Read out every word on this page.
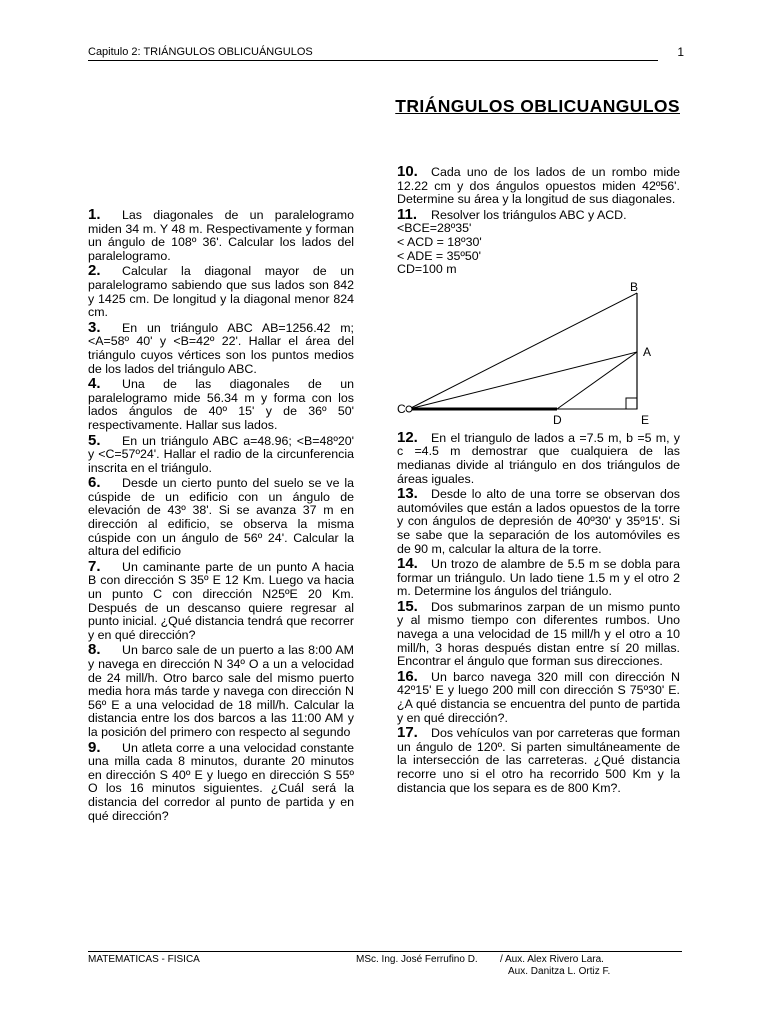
Capitulo 2: TRIÁNGULOS OBLICUÁNGULOS	1
TRIÁNGULOS OBLICUANGULOS

1. Las diagonales de un paralelogramo miden 34 m. Y 48 m. Respectivamente y forman un ángulo de 108º 36'. Calcular los lados del paralelogramo.

2. Calcular la diagonal mayor de un paralelogramo sabiendo que sus lados son 842 y 1425 cm. De longitud y la diagonal menor 824 cm.

3. En un triángulo ABC AB=1256.42 m; <A=58º 40' y <B=42º 22'. Hallar el área del triángulo cuyos vértices son los puntos medios de los lados del triángulo ABC.

4. Una de las diagonales de un paralelogramo mide 56.34 m y forma con los lados ángulos de 40º 15' y de 36º 50' respectivamente. Hallar sus lados.

5. En un triángulo ABC a=48.96; <B=48º20' y <C=57º24'. Hallar el radio de la circunferencia inscrita en el triángulo.

6. Desde un cierto punto del suelo se ve la cúspide de un edificio con un ángulo de elevación de 43º 38'. Si se avanza 37 m en dirección al edificio, se observa la misma cúspide con un ángulo de 56º 24'. Calcular la altura del edificio

7. Un caminante parte de un punto A hacia B con dirección S 35º E 12 Km. Luego va hacia un punto C con dirección N25ºE 20 Km. Después de un descanso quiere regresar al punto inicial. ¿Qué distancia tendrá que recorrer y en qué dirección?

8. Un barco sale de un puerto a las 8:00 AM y navega en dirección N 34º O a un a velocidad de 24 mill/h. Otro barco sale del mismo puerto media hora más tarde y navega con dirección N 56º E a una velocidad de 18 mill/h. Calcular la distancia entre los dos barcos a las 11:00 AM y la posición del primero con respecto al segundo

9. Un atleta corre a una velocidad constante una milla cada 8 minutos, durante 20 minutos en dirección S 40º E y luego en dirección S 55º O los 16 minutos siguientes. ¿Cuál será la distancia del corredor al punto de partida y en qué dirección?

10. Cada uno de los lados de un rombo mide 12.22 cm y dos ángulos opuestos miden 42º56'. Determine su área y la longitud de sus diagonales.

11. Resolver los triángulos ABC y ACD.
<BCE=28º35'
< ACD = 18º30'
< ADE = 35º50'
CD=100 m

B
A
C
D	E

12. En el triangulo de lados a =7.5 m, b =5 m, y c =4.5 m demostrar que cualquiera de las medianas divide al triángulo en dos triángulos de áreas iguales.

13. Desde lo alto de una torre se observan dos automóviles que están a lados opuestos de la torre y con ángulos de depresión de 40º30' y 35º15'. Si se sabe que la separación de los automóviles es de 90 m, calcular la altura de la torre.

14. Un trozo de alambre de 5.5 m se dobla para formar un triángulo. Un lado tiene 1.5 m y el otro 2 m. Determine los ángulos del triángulo.

15. Dos submarinos zarpan de un mismo punto y al mismo tiempo con diferentes rumbos. Uno navega a una velocidad de 15 mill/h y el otro a 10 mill/h, 3 horas después distan entre sí 20 millas. Encontrar el ángulo que forman sus direcciones.

16. Un barco navega 320 mill con dirección N 42º15' E y luego 200 mill con dirección S 75º30' E. ¿A qué distancia se encuentra del punto de partida y en qué dirección?.

17. Dos vehículos van por carreteras que forman un ángulo de 120º. Si parten simultáneamente de la intersección de las carreteras. ¿Qué distancia recorre uno si el otro ha recorrido 500 Km y la distancia que los separa es de 800 Km?.

MATEMATICAS - FISICA	MSc. Ing. José Ferrufino D. / Aux. Alex Rivero Lara.
Aux. Danitza L. Ortiz F.
